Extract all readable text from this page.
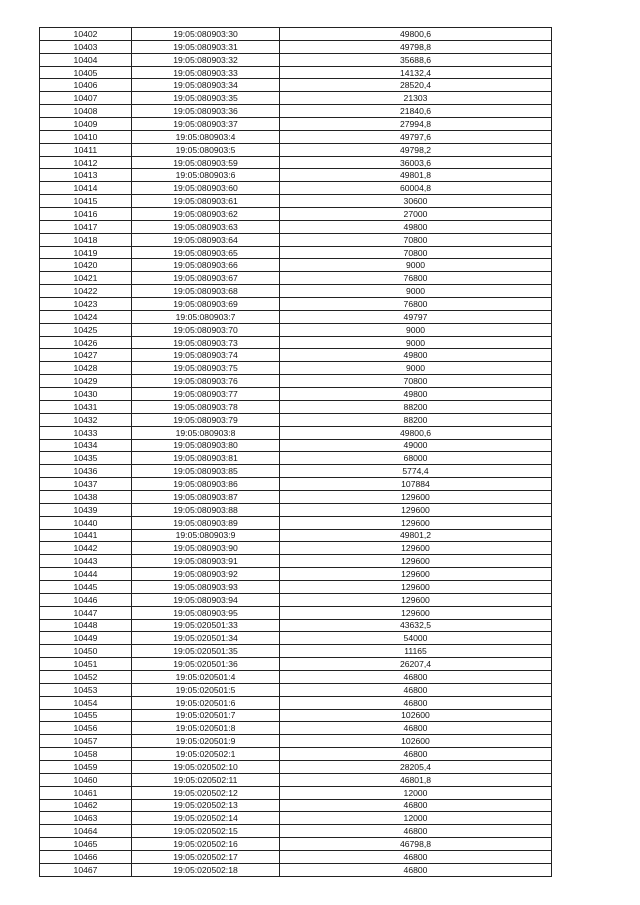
10402	19:05:080903:30	49800,6
10403	19:05:080903:31	49798,8
10404	19:05:080903:32	35688,6
10405	19:05:080903:33	14132,4
10406	19:05:080903:34	28520,4
10407	19:05:080903:35	21303
10408	19:05:080903:36	21840,6
10409	19:05:080903:37	27994,8
10410	19:05:080903:4	49797,6
10411	19:05:080903:5	49798,2
10412	19:05:080903:59	36003,6
10413	19:05:080903:6	49801,8
10414	19:05:080903:60	60004,8
10415	19:05:080903:61	30600
10416	19:05:080903:62	27000
10417	19:05:080903:63	49800
10418	19:05:080903:64	70800
10419	19:05:080903:65	70800
10420	19:05:080903:66	9000
10421	19:05:080903:67	76800
10422	19:05:080903:68	9000
10423	19:05:080903:69	76800
10424	19:05:080903:7	49797
10425	19:05:080903:70	9000
10426	19:05:080903:73	9000
10427	19:05:080903:74	49800
10428	19:05:080903:75	9000
10429	19:05:080903:76	70800
10430	19:05:080903:77	49800
10431	19:05:080903:78	88200
10432	19:05:080903:79	88200
10433	19:05:080903:8	49800,6
10434	19:05:080903:80	49000
10435	19:05:080903:81	68000
10436	19:05:080903:85	5774,4
10437	19:05:080903:86	107884
10438	19:05:080903:87	129600
10439	19:05:080903:88	129600
10440	19:05:080903:89	129600
10441	19:05:080903:9	49801,2
10442	19:05:080903:90	129600
10443	19:05:080903:91	129600
10444	19:05:080903:92	129600
10445	19:05:080903:93	129600
10446	19:05:080903:94	129600
10447	19:05:080903:95	129600
10448	19:05:020501:33	43632,5
10449	19:05:020501:34	54000
10450	19:05:020501:35	11165
10451	19:05:020501:36	26207,4
10452	19:05:020501:4	46800
10453	19:05:020501:5	46800
10454	19:05:020501:6	46800
10455	19:05:020501:7	102600
10456	19:05:020501:8	46800
10457	19:05:020501:9	102600
10458	19:05:020502:1	46800
10459	19:05:020502:10	28205,4
10460	19:05:020502:11	46801,8
10461	19:05:020502:12	12000
10462	19:05:020502:13	46800
10463	19:05:020502:14	12000
10464	19:05:020502:15	46800
10465	19:05:020502:16	46798,8
10466	19:05:020502:17	46800
10467	19:05:020502:18	46800
